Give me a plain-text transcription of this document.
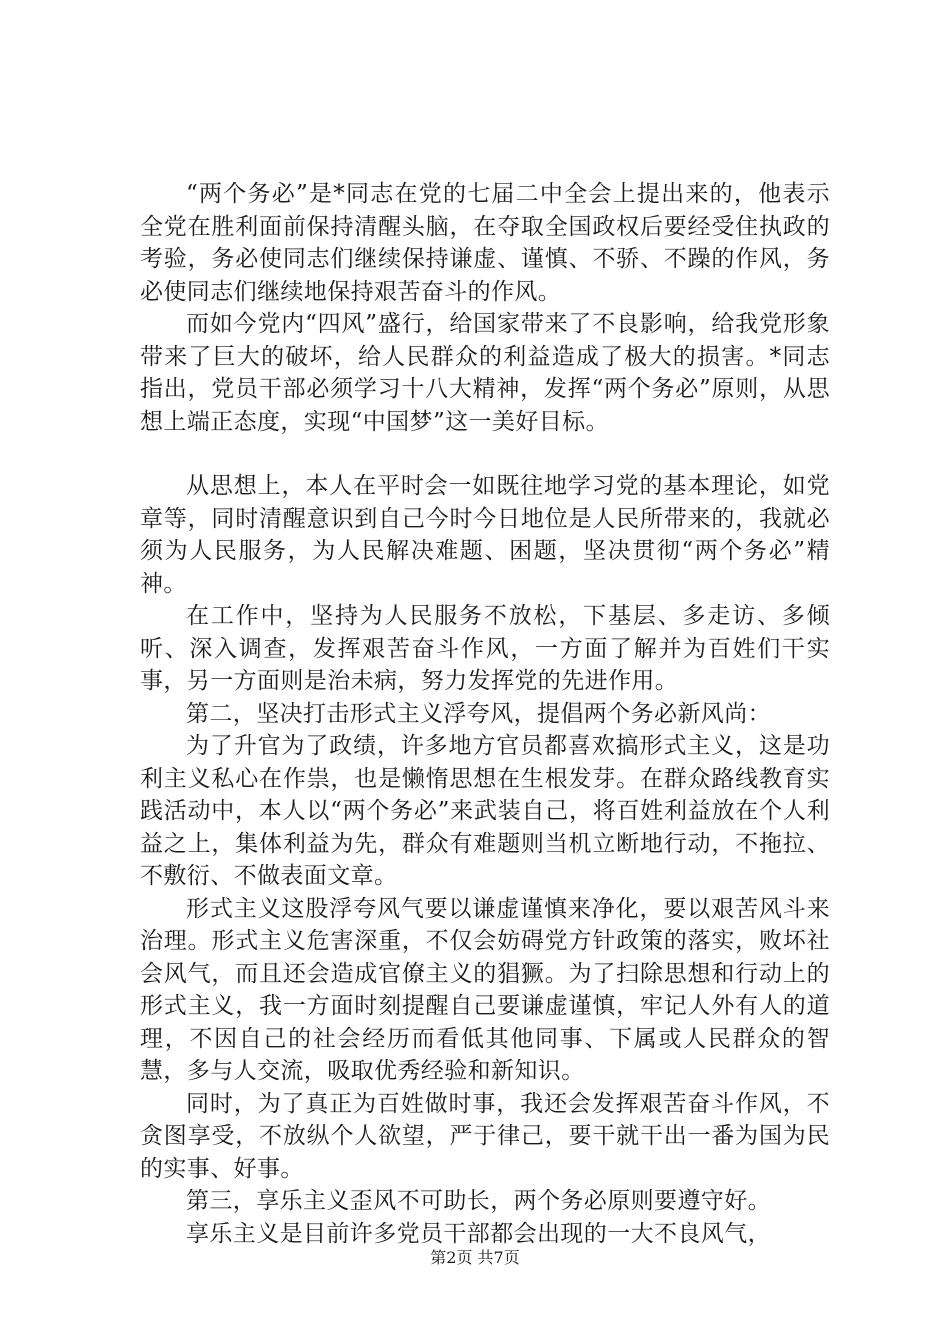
“两个务必”是*同志在党的七届二中全会上提出来的，他表示全党在胜利面前保持清醒头脑，在夺取全国政权后要经受住执政的考验，务必使同志们继续保持谦虚、谨慎、不骄、不躁的作风，务必使同志们继续地保持艰苦奋斗的作风。

而如今党内“四风”盛行，给国家带来了不良影响，给我党形象带来了巨大的破坏，给人民群众的利益造成了极大的损害。*同志指出，党员干部必须学习十八大精神，发挥“两个务必”原则，从思想上端正态度，实现“中国梦”这一美好目标。

从思想上，本人在平时会一如既往地学习党的基本理论，如党章等，同时清醒意识到自己今时今日地位是人民所带来的，我就必须为人民服务，为人民解决难题、困题，坚决贯彻“两个务必”精神。

在工作中，坚持为人民服务不放松，下基层、多走访、多倾听、深入调查，发挥艰苦奋斗作风，一方面了解并为百姓们干实事，另一方面则是治未病，努力发挥党的先进作用。

第二，坚决打击形式主义浮夸风，提倡两个务必新风尚：

为了升官为了政绩，许多地方官员都喜欢搞形式主义，这是功利主义私心在作祟，也是懒惰思想在生根发芽。在群众路线教育实践活动中，本人以“两个务必”来武装自己，将百姓利益放在个人利益之上，集体利益为先，群众有难题则当机立断地行动，不拖拉、不敷衍、不做表面文章。

形式主义这股浮夸风气要以谦虚谨慎来净化，要以艰苦风斗来治理。形式主义危害深重，不仅会妨碍党方针政策的落实，败坏社会风气，而且还会造成官僚主义的猖獗。为了扫除思想和行动上的形式主义，我一方面时刻提醒自己要谦虚谨慎，牢记人外有人的道理，不因自己的社会经历而看低其他同事、下属或人民群众的智慧，多与人交流，吸取优秀经验和新知识。

同时，为了真正为百姓做时事，我还会发挥艰苦奋斗作风，不贪图享受，不放纵个人欲望，严于律己，要干就干出一番为国为民的实事、好事。

第三，享乐主义歪风不可助长，两个务必原则要遵守好。

享乐主义是目前许多党员干部都会出现的一大不良风气，

第2页 共7页
